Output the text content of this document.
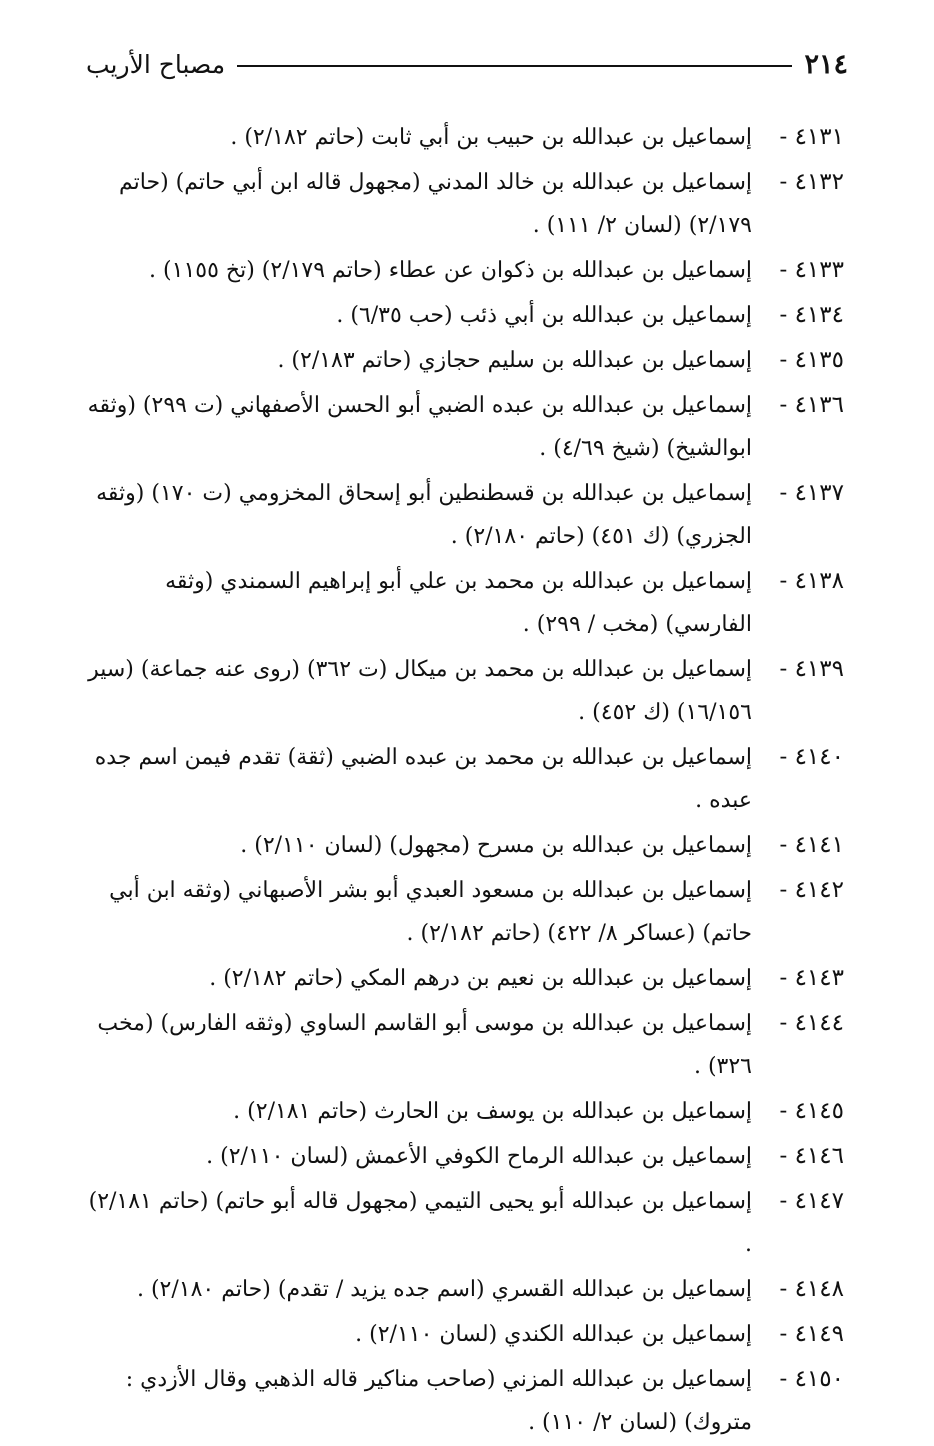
٢١٤
مصباح الأريب
٤١٣١ -
إسماعيل بن عبدالله بن حبيب بن أبي ثابت (حاتم ٢/١٨٢) .
٤١٣٢ -
إسماعيل بن عبدالله بن خالد المدني (مجهول قاله ابن أبي حاتم) (حاتم ٢/١٧٩) (لسان ٢/ ١١١) .
٤١٣٣ -
إسماعيل بن عبدالله بن ذكوان عن عطاء (حاتم ٢/١٧٩) (تخ ١١٥٥) .
٤١٣٤ -
إسماعيل بن عبدالله بن أبي ذئب (حب ٦/٣٥) .
٤١٣٥ -
إسماعيل بن عبدالله بن سليم حجازي (حاتم ٢/١٨٣) .
٤١٣٦ -
إسماعيل بن عبدالله بن عبده الضبي أبو الحسن الأصفهاني (ت ٢٩٩) (وثقه ابوالشيخ) (شيخ ٤/٦٩) .
٤١٣٧ -
إسماعيل بن عبدالله بن قسطنطين أبو إسحاق المخزومي (ت ١٧٠) (وثقه الجزري) (ك ٤٥١) (حاتم ٢/١٨٠) .
٤١٣٨ -
إسماعيل بن عبدالله بن محمد بن علي أبو إبراهيم السمندي (وثقه الفارسي) (مخب / ٢٩٩) .
٤١٣٩ -
إسماعيل بن عبدالله بن محمد بن ميكال (ت ٣٦٢) (روى عنه جماعة) (سير ١٦/١٥٦) (ك ٤٥٢) .
٤١٤٠ -
إسماعيل بن عبدالله بن محمد بن عبده الضبي (ثقة) تقدم فيمن اسم جده عبده .
٤١٤١ -
إسماعيل بن عبدالله بن مسرح (مجهول) (لسان ٢/١١٠) .
٤١٤٢ -
إسماعيل بن عبدالله بن مسعود العبدي أبو بشر الأصبهاني (وثقه ابن أبي حاتم) (عساكر ٨/ ٤٢٢) (حاتم ٢/١٨٢) .
٤١٤٣ -
إسماعيل بن عبدالله بن نعيم بن درهم المكي (حاتم ٢/١٨٢) .
٤١٤٤ -
إسماعيل بن عبدالله بن موسى أبو القاسم الساوي (وثقه الفارس) (مخب ٣٢٦) .
٤١٤٥ -
إسماعيل بن عبدالله بن يوسف بن الحارث (حاتم ٢/١٨١) .
٤١٤٦ -
إسماعيل بن عبدالله الرماح الكوفي الأعمش (لسان ٢/١١٠) .
٤١٤٧ -
إسماعيل بن عبدالله أبو يحيى التيمي (مجهول قاله أبو حاتم) (حاتم ٢/١٨١) .
٤١٤٨ -
إسماعيل بن عبدالله القسري (اسم جده يزيد / تقدم) (حاتم ٢/١٨٠) .
٤١٤٩ -
إسماعيل بن عبدالله الكندي (لسان ٢/١١٠) .
٤١٥٠ -
إسماعيل بن عبدالله المزني (صاحب مناكير قاله الذهبي وقال الأزدي : متروك) (لسان ٢/ ١١٠) .
